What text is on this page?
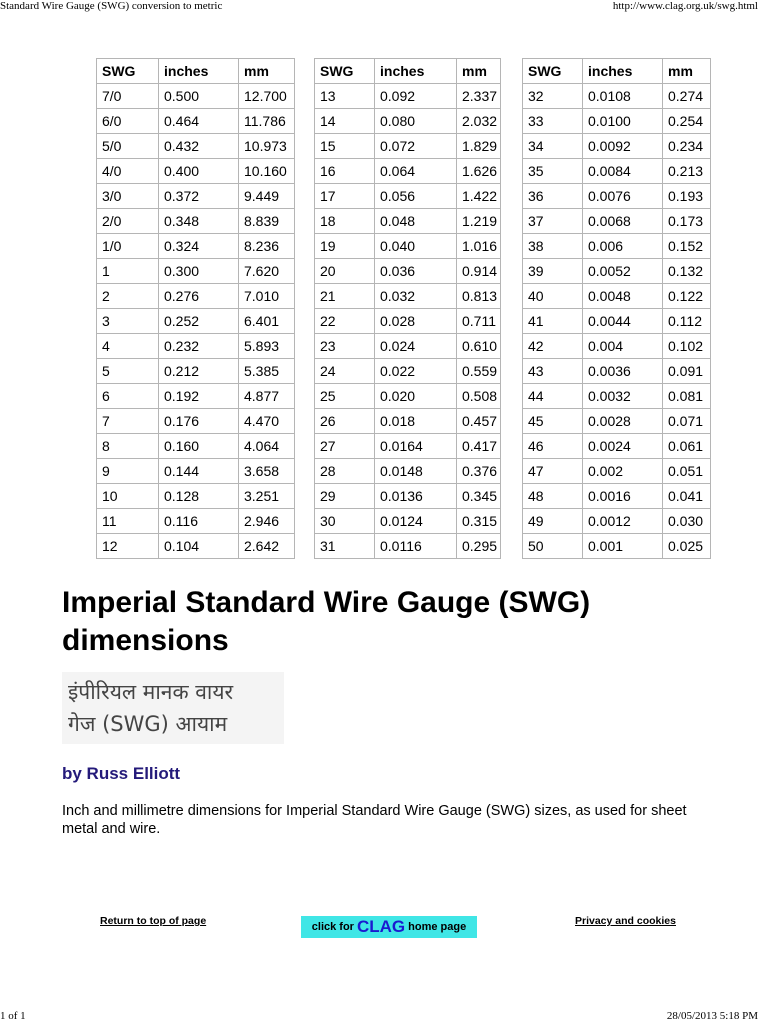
Standard Wire Gauge (SWG) conversion to metric	http://www.clag.org.uk/swg.html
SWG	inches	mm
7/0	0.500	12.700
6/0	0.464	11.786
5/0	0.432	10.973
4/0	0.400	10.160
3/0	0.372	9.449
2/0	0.348	8.839
1/0	0.324	8.236
1	0.300	7.620
2	0.276	7.010
3	0.252	6.401
4	0.232	5.893
5	0.212	5.385
6	0.192	4.877
7	0.176	4.470
8	0.160	4.064
9	0.144	3.658
10	0.128	3.251
11	0.116	2.946
12	0.104	2.642
SWG	inches	mm
13	0.092	2.337
14	0.080	2.032
15	0.072	1.829
16	0.064	1.626
17	0.056	1.422
18	0.048	1.219
19	0.040	1.016
20	0.036	0.914
21	0.032	0.813
22	0.028	0.711
23	0.024	0.610
24	0.022	0.559
25	0.020	0.508
26	0.018	0.457
27	0.0164	0.417
28	0.0148	0.376
29	0.0136	0.345
30	0.0124	0.315
31	0.0116	0.295
SWG	inches	mm
32	0.0108	0.274
33	0.0100	0.254
34	0.0092	0.234
35	0.0084	0.213
36	0.0076	0.193
37	0.0068	0.173
38	0.006	0.152
39	0.0052	0.132
40	0.0048	0.122
41	0.0044	0.112
42	0.004	0.102
43	0.0036	0.091
44	0.0032	0.081
45	0.0028	0.071
46	0.0024	0.061
47	0.002	0.051
48	0.0016	0.041
49	0.0012	0.030
50	0.001	0.025
Imperial Standard Wire Gauge (SWG) dimensions
इंपीरियल मानक वायर
गेज (SWG) आयाम
by Russ Elliott
Inch and millimetre dimensions for Imperial Standard Wire Gauge (SWG) sizes, as used for sheet metal and wire.
Return to top of page	click for CLAG home page	Privacy and cookies
1 of 1	28/05/2013 5:18 PM
